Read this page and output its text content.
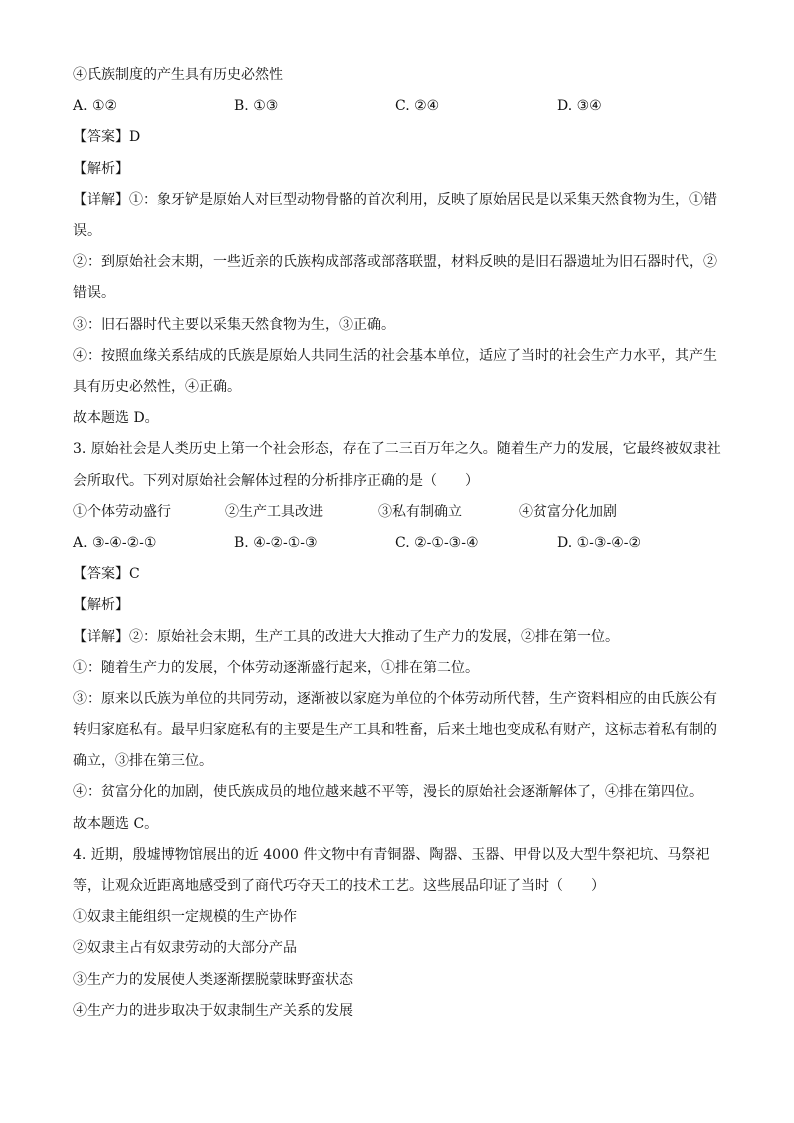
④氏族制度的产生具有历史必然性
A. ①②	B. ①③	C. ②④	D. ③④
【答案】D
【解析】
【详解】①：象牙铲是原始人对巨型动物骨骼的首次利用，反映了原始居民是以采集天然食物为生，①错误。
②：到原始社会末期，一些近亲的氏族构成部落或部落联盟，材料反映的是旧石器遗址为旧石器时代，②错误。
③：旧石器时代主要以采集天然食物为生，③正确。
④：按照血缘关系结成的氏族是原始人共同生活的社会基本单位，适应了当时的社会生产力水平，其产生具有历史必然性，④正确。
故本题选 D。
3. 原始社会是人类历史上第一个社会形态，存在了二三百万年之久。随着生产力的发展，它最终被奴隶社会所取代。下列对原始社会解体过程的分析排序正确的是（　　）
①个体劳动盛行	②生产工具改进	③私有制确立	④贫富分化加剧
A. ③-④-②-①	B. ④-②-①-③	C. ②-①-③-④	D. ①-③-④-②
【答案】C
【解析】
【详解】②：原始社会末期，生产工具的改进大大推动了生产力的发展，②排在第一位。
①：随着生产力的发展，个体劳动逐渐盛行起来，①排在第二位。
③：原来以氏族为单位的共同劳动，逐渐被以家庭为单位的个体劳动所代替，生产资料相应的由氏族公有转归家庭私有。最早归家庭私有的主要是生产工具和牲畜，后来土地也变成私有财产，这标志着私有制的确立，③排在第三位。
④：贫富分化的加剧，使氏族成员的地位越来越不平等，漫长的原始社会逐渐解体了，④排在第四位。
故本题选 C。
4. 近期，殷墟博物馆展出的近 4000 件文物中有青铜器、陶器、玉器、甲骨以及大型牛祭祀坑、马祭祀等，让观众近距离地感受到了商代巧夺天工的技术工艺。这些展品印证了当时（　　）
①奴隶主能组织一定规模的生产协作
②奴隶主占有奴隶劳动的大部分产品
③生产力的发展使人类逐渐摆脱蒙昧野蛮状态
④生产力的进步取决于奴隶制生产关系的发展
